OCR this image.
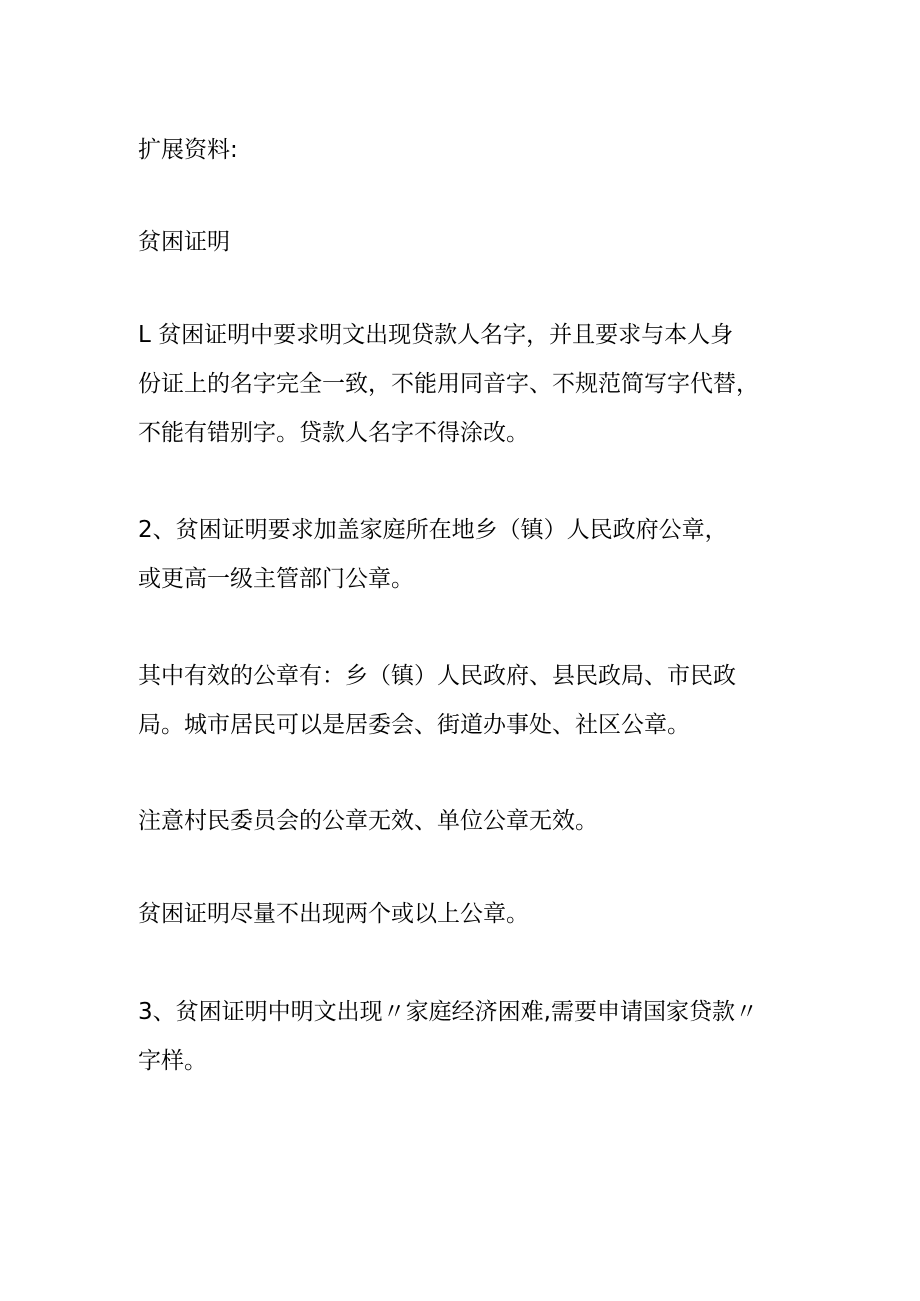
扩展资料:

贫困证明

L 贫困证明中要求明文出现贷款人名字，并且要求与本人身
份证上的名字完全一致，不能用同音字、不规范简写字代替，
不能有错别字。贷款人名字不得涂改。

2、贫困证明要求加盖家庭所在地乡（镇）人民政府公章，
或更高一级主管部门公章。

其中有效的公章有：乡（镇）人民政府、县民政局、市民政
局。城市居民可以是居委会、街道办事处、社区公章。

注意村民委员会的公章无效、单位公章无效。

贫困证明尽量不出现两个或以上公章。

3、贫困证明中明文出现〃家庭经济困难,需要申请国家贷款〃
字样。
